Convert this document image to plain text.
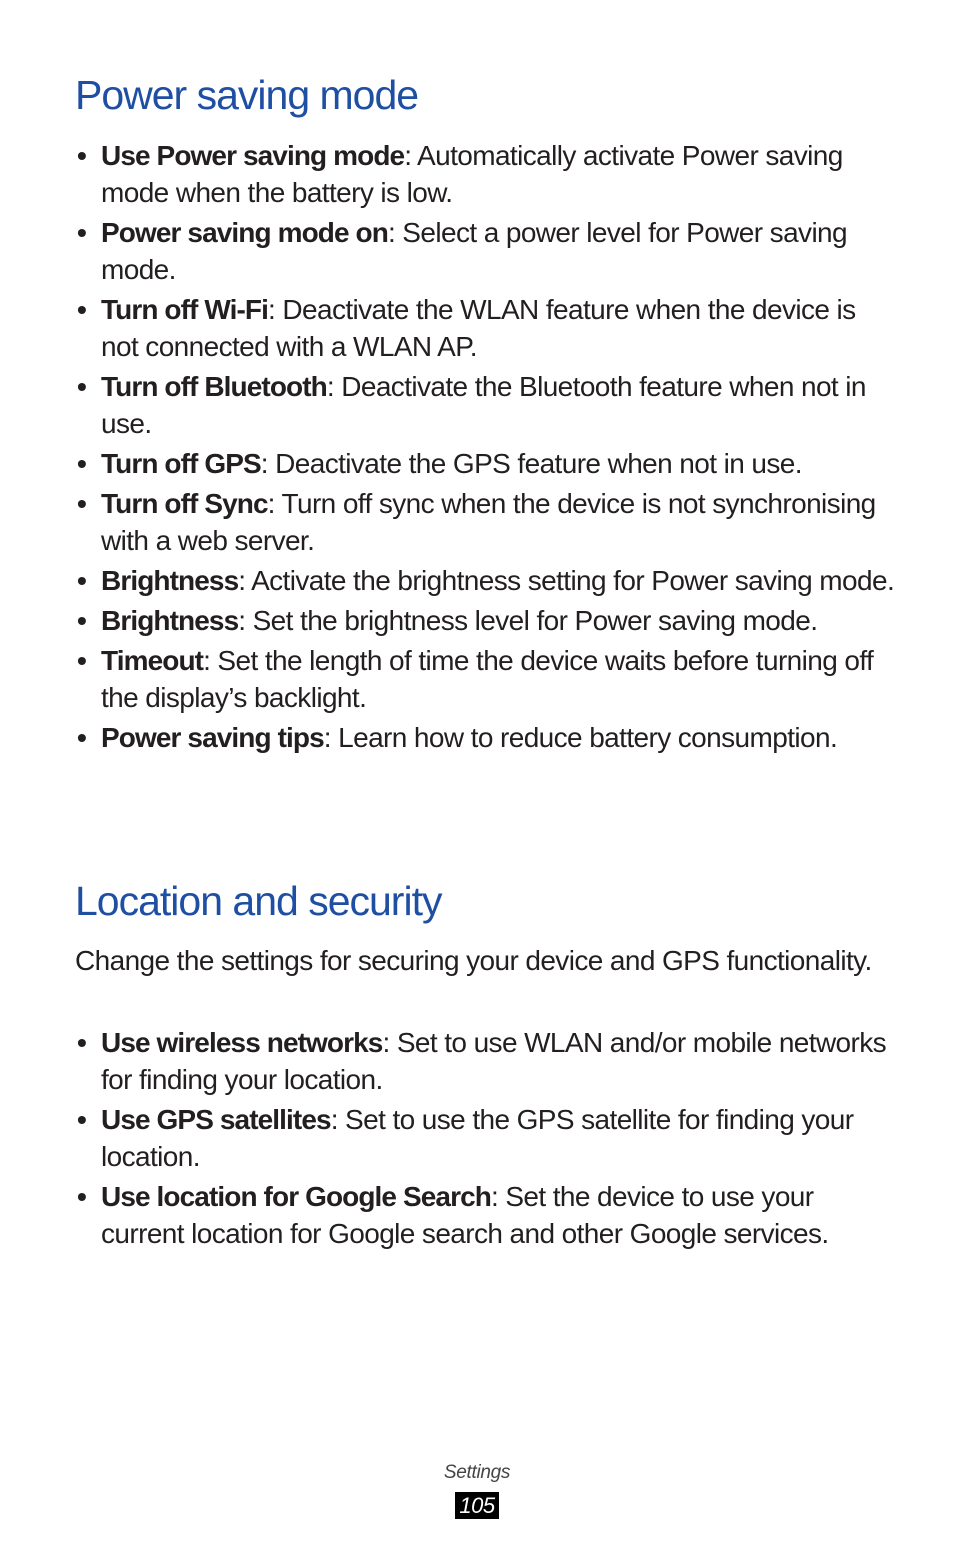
Power saving mode
• Use Power saving mode: Automatically activate Power saving mode when the battery is low.
• Power saving mode on: Select a power level for Power saving mode.
• Turn off Wi-Fi: Deactivate the WLAN feature when the device is not connected with a WLAN AP.
• Turn off Bluetooth: Deactivate the Bluetooth feature when not in use.
• Turn off GPS: Deactivate the GPS feature when not in use.
• Turn off Sync: Turn off sync when the device is not synchronising with a web server.
• Brightness: Activate the brightness setting for Power saving mode.
• Brightness: Set the brightness level for Power saving mode.
• Timeout: Set the length of time the device waits before turning off the display’s backlight.
• Power saving tips: Learn how to reduce battery consumption.
Location and security

Change the settings for securing your device and GPS functionality.

• Use wireless networks: Set to use WLAN and/or mobile networks for finding your location.
• Use GPS satellites: Set to use the GPS satellite for finding your location.
• Use location for Google Search: Set the device to use your current location for Google search and other Google services.
Settings
105
